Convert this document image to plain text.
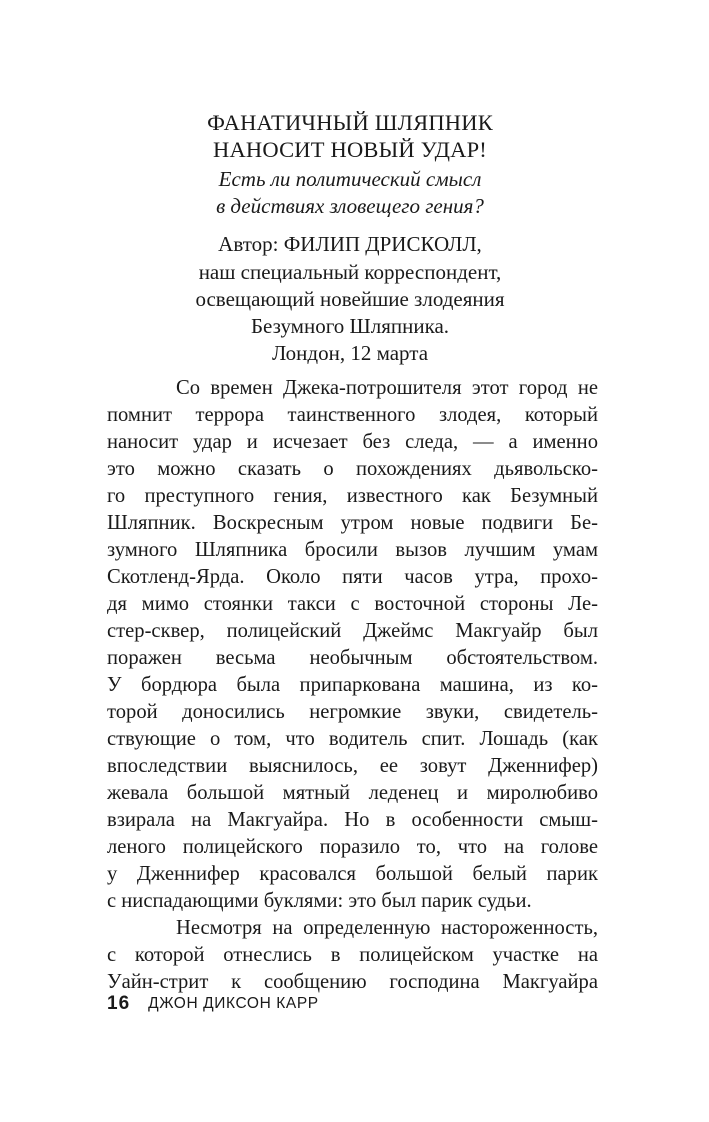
ФАНАТИЧНЫЙ ШЛЯПНИК
НАНОСИТ НОВЫЙ УДАР!
Есть ли политический смысл
в действиях зловещего гения?
Автор: ФИЛИП ДРИСКОЛЛ,
наш специальный корреспондент,
освещающий новейшие злодеяния
Безумного Шляпника.
Лондон, 12 марта
Со времен Джека-потрошителя этот город не
помнит террора таинственного злодея, который
наносит удар и исчезает без следа, — а именно
это можно сказать о похождениях дьявольско-
го преступного гения, известного как Безумный
Шляпник. Воскресным утром новые подвиги Бе-
зумного Шляпника бросили вызов лучшим умам
Скотленд-Ярда. Около пяти часов утра, прохо-
дя мимо стоянки такси с восточной стороны Ле-
стер-сквер, полицейский Джеймс Макгуайр был
поражен весьма необычным обстоятельством.
У бордюра была припаркована машина, из ко-
торой доносились негромкие звуки, свидетель-
ствующие о том, что водитель спит. Лошадь (как
впоследствии выяснилось, ее зовут Дженнифер)
жевала большой мятный леденец и миролюбиво
взирала на Макгуайра. Но в особенности смыш-
леного полицейского поразило то, что на голове
у Дженнифер красовался большой белый парик
с ниспадающими буклями: это был парик судьи.
Несмотря на определенную настороженность,
с которой отнеслись в полицейском участке на
Уайн-стрит к сообщению господина Макгуайра
16 ДЖОН ДИКСОН КАРР
